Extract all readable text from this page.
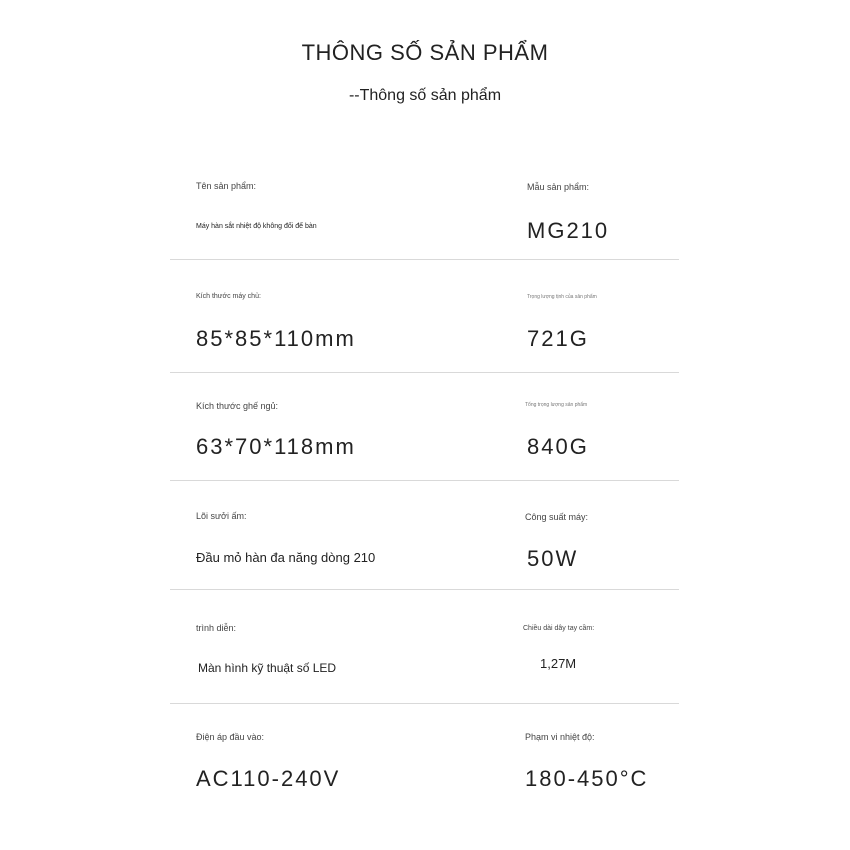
THÔNG SỐ SẢN PHẨM
--Thông số sản phẩm
Tên sản phẩm:
Máy hàn sắt nhiệt độ không đổi để bàn
Mẫu sản phẩm:
MG210
Kích thước máy chủ:
85*85*110mm
Trọng lượng tịnh của sản phẩm
721G
Kích thước ghế ngủ:
63*70*118mm
Tổng trọng lượng sản phẩm
840G
Lõi sưởi ấm:
Đầu mỏ hàn đa năng dòng 210
Công suất máy:
50W
trình diễn:
Màn hình kỹ thuật số LED
Chiều dài dây tay cầm:
1,27M
Điện áp đầu vào:
AC110-240V
Phạm vi nhiệt độ:
180-450°C
